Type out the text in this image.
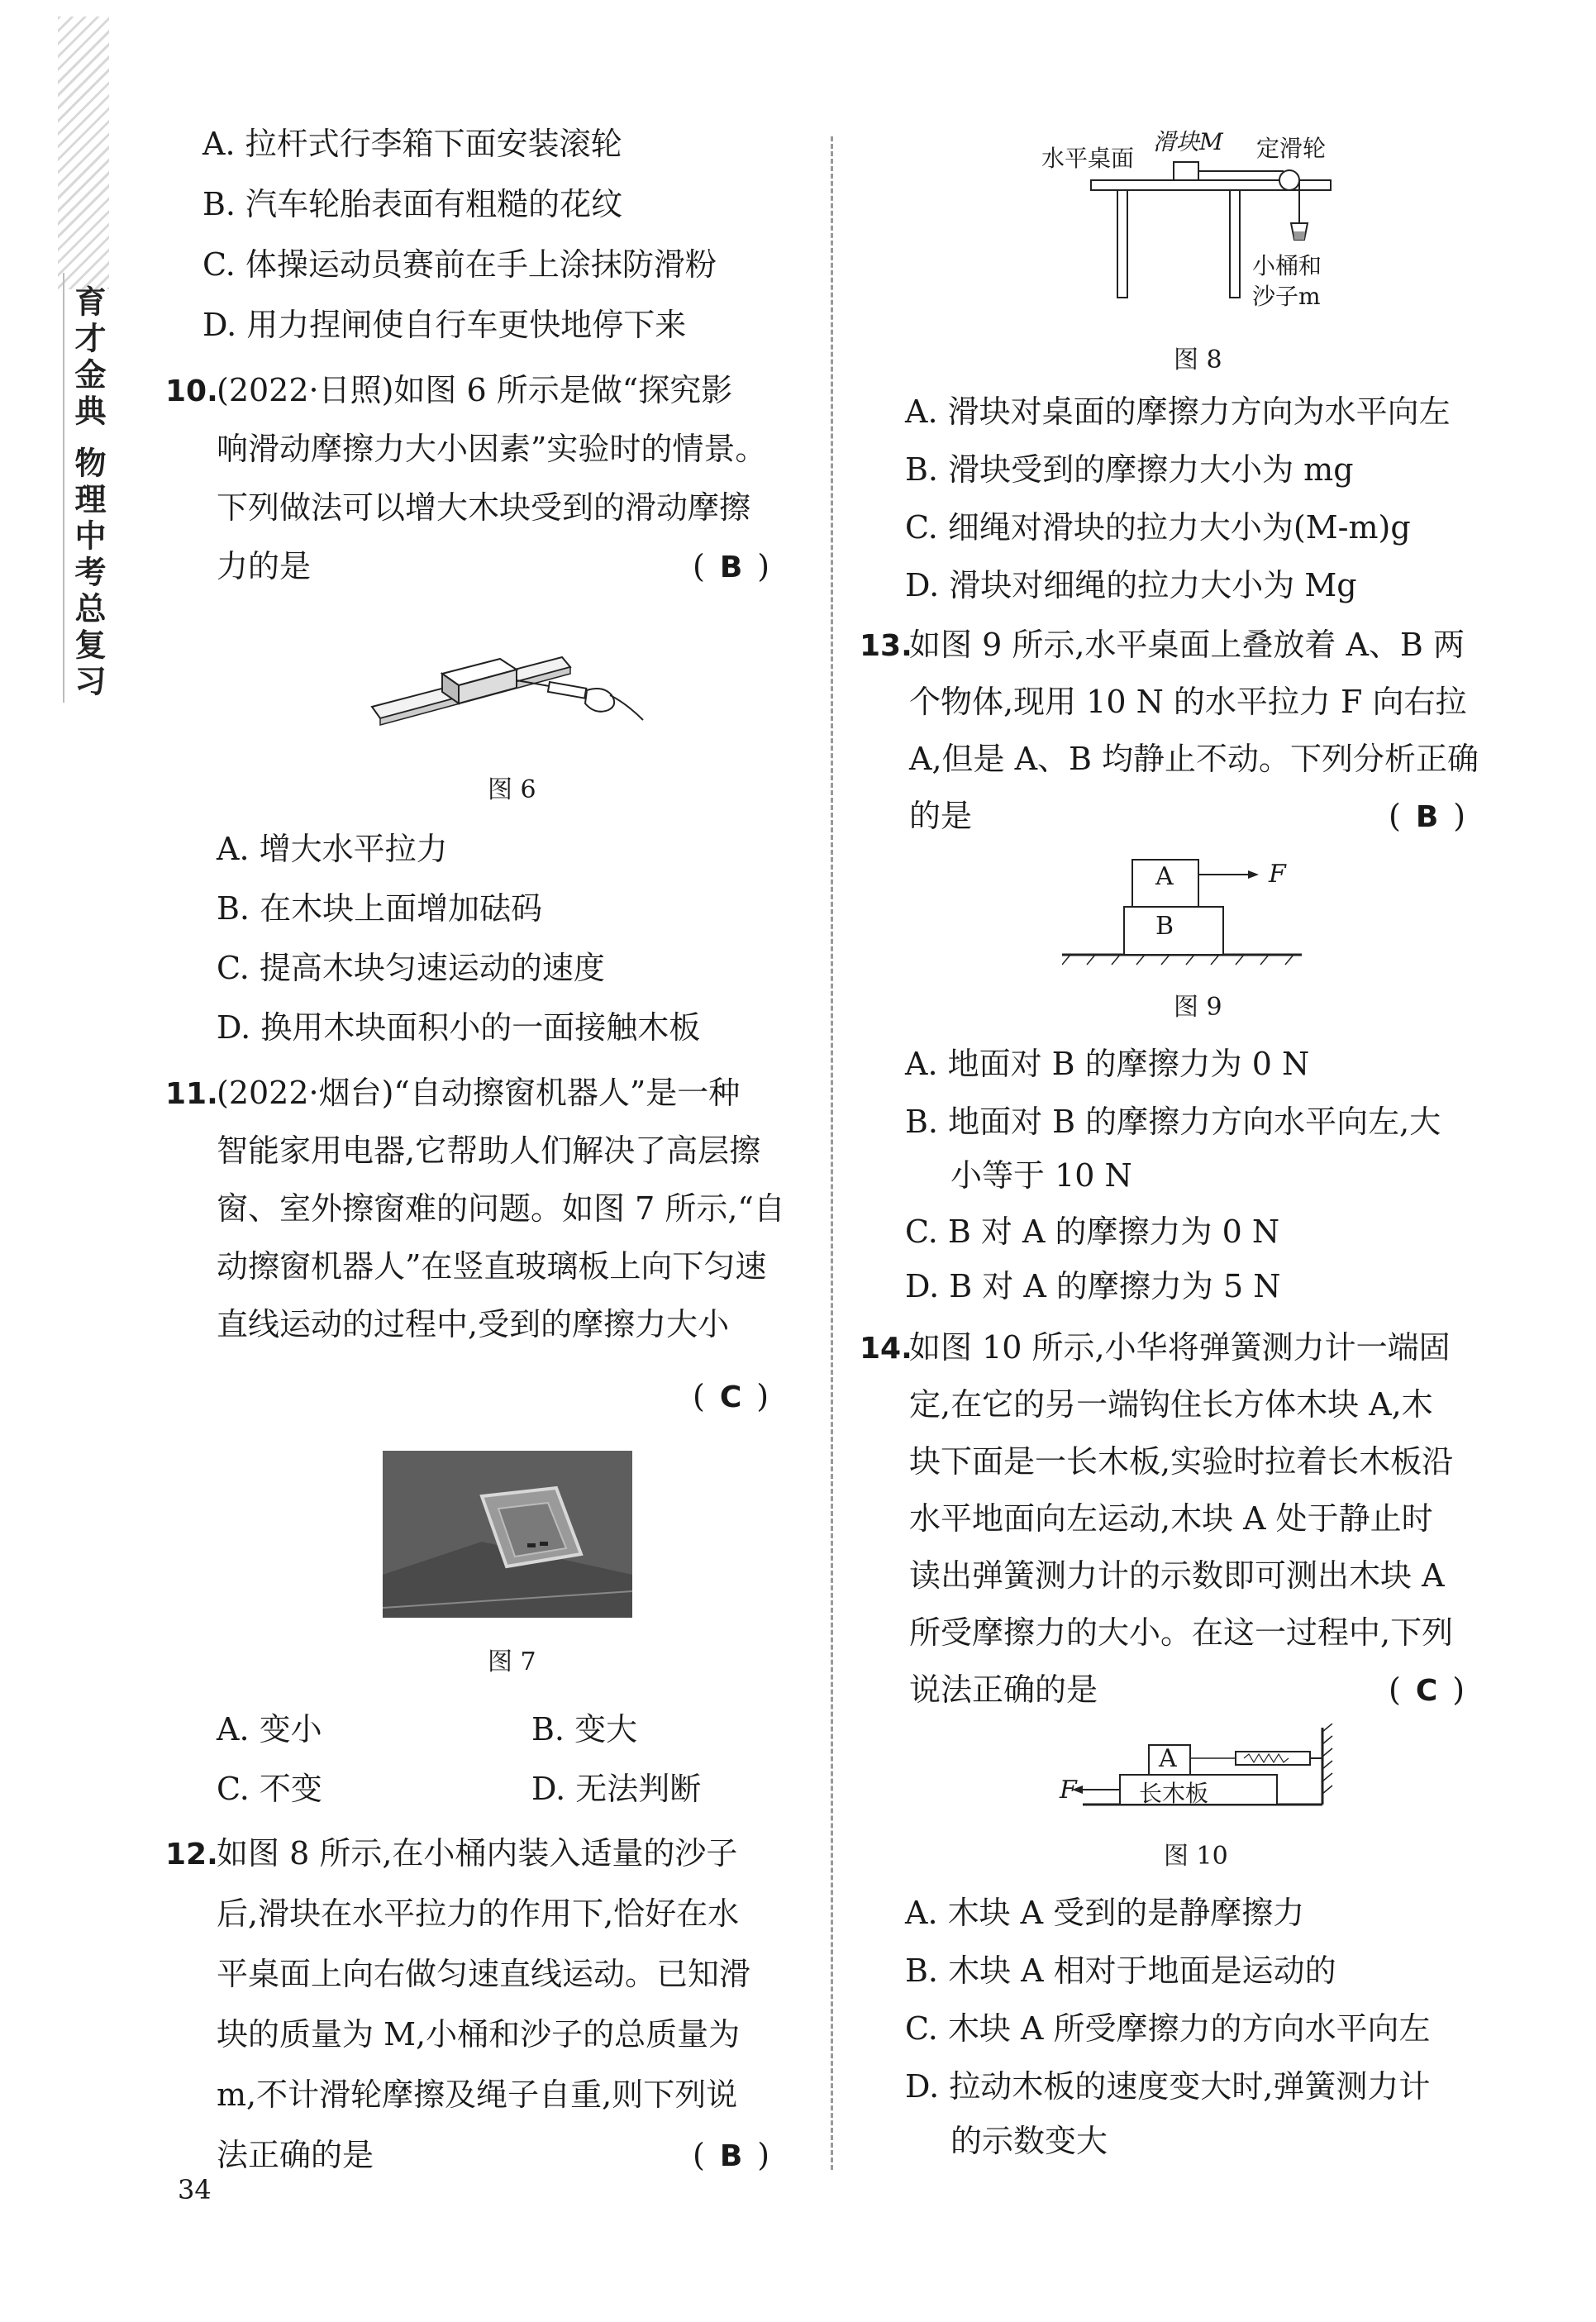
育才金典 物理中考总复习
A. 拉杆式行李箱下面安装滚轮
B. 汽车轮胎表面有粗糙的花纹
C. 体操运动员赛前在手上涂抹防滑粉
D. 用力捏闸使自行车更快地停下来
10.
(2022·日照)如图 6 所示是做“探究影
响滑动摩擦力大小因素”实验时的情景。
下列做法可以增大木块受到的滑动摩擦
力的是	( B )
图 6
A. 增大水平拉力
B. 在木块上面增加砝码
C. 提高木块匀速运动的速度
D. 换用木块面积小的一面接触木板
11.
(2022·烟台)“自动擦窗机器人”是一种
智能家用电器,它帮助人们解决了高层擦
窗、室外擦窗难的问题。如图 7 所示,“自
动擦窗机器人”在竖直玻璃板上向下匀速
直线运动的过程中,受到的摩擦力大小
( C )
图 7
A. 变小	B. 变大
C. 不变	D. 无法判断
12.
如图 8 所示,在小桶内装入适量的沙子
后,滑块在水平拉力的作用下,恰好在水
平桌面上向右做匀速直线运动。已知滑
块的质量为 M,小桶和沙子的总质量为
m,不计滑轮摩擦及绳子自重,则下列说
法正确的是	( B )
34
水平桌面
滑块M 定滑轮
小桶和
沙子m
图 8
A. 滑块对桌面的摩擦力方向为水平向左
B. 滑块受到的摩擦力大小为 mg
C. 细绳对滑块的拉力大小为(M-m)g
D. 滑块对细绳的拉力大小为 Mg
13.
如图 9 所示,水平桌面上叠放着 A、B 两
个物体,现用 10 N 的水平拉力 F 向右拉
A,但是 A、B 均静止不动。下列分析正确
的是	( B )
A
B
F
图 9
A. 地面对 B 的摩擦力为 0 N
B. 地面对 B 的摩擦力方向水平向左,大
小等于 10 N
C. B 对 A 的摩擦力为 0 N
D. B 对 A 的摩擦力为 5 N
14.
如图 10 所示,小华将弹簧测力计一端固
定,在它的另一端钩住长方体木块 A,木
块下面是一长木板,实验时拉着长木板沿
水平地面向左运动,木块 A 处于静止时
读出弹簧测力计的示数即可测出木块 A
所受摩擦力的大小。在这一过程中,下列
说法正确的是	( C )
A
长木板
F
图 10
A. 木块 A 受到的是静摩擦力
B. 木块 A 相对于地面是运动的
C. 木块 A 所受摩擦力的方向水平向左
D. 拉动木板的速度变大时,弹簧测力计
的示数变大
